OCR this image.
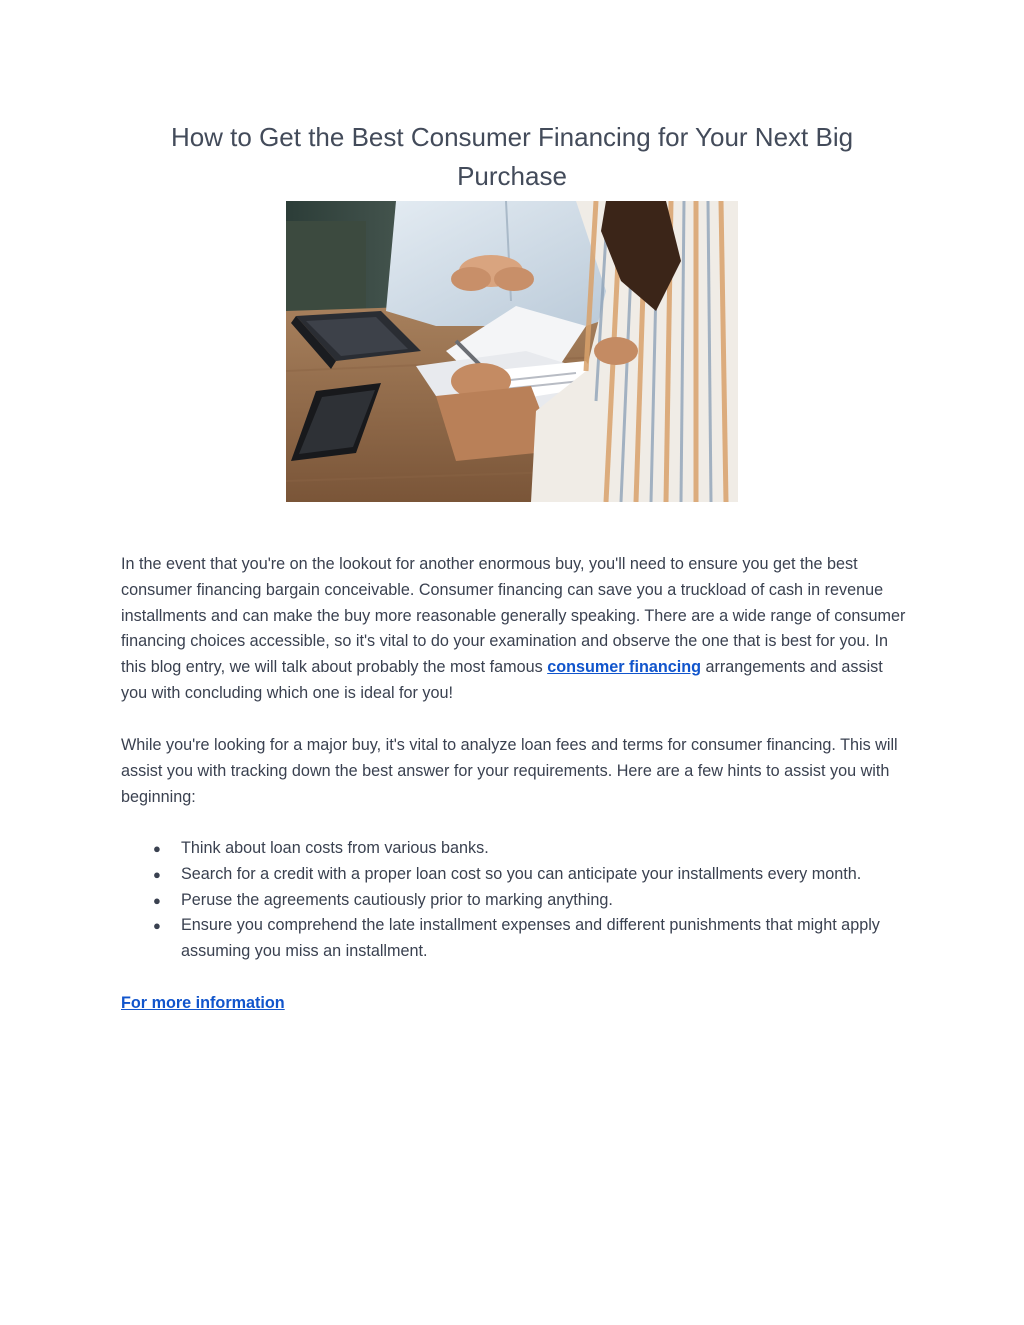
How to Get the Best Consumer Financing for Your Next Big Purchase

In the event that you're on the lookout for another enormous buy, you'll need to ensure you get the best consumer financing bargain conceivable. Consumer financing can save you a truckload of cash in revenue installments and can make the buy more reasonable generally speaking. There are a wide range of consumer financing choices accessible, so it's vital to do your examination and observe the one that is best for you. In this blog entry, we will talk about probably the most famous consumer financing arrangements and assist you with concluding which one is ideal for you!

While you're looking for a major buy, it's vital to analyze loan fees and terms for consumer financing. This will assist you with tracking down the best answer for your requirements. Here are a few hints to assist you with beginning:

● Think about loan costs from various banks.
● Search for a credit with a proper loan cost so you can anticipate your installments every month.
● Peruse the agreements cautiously prior to marking anything.
● Ensure you comprehend the late installment expenses and different punishments that might apply assuming you miss an installment.
For more information
